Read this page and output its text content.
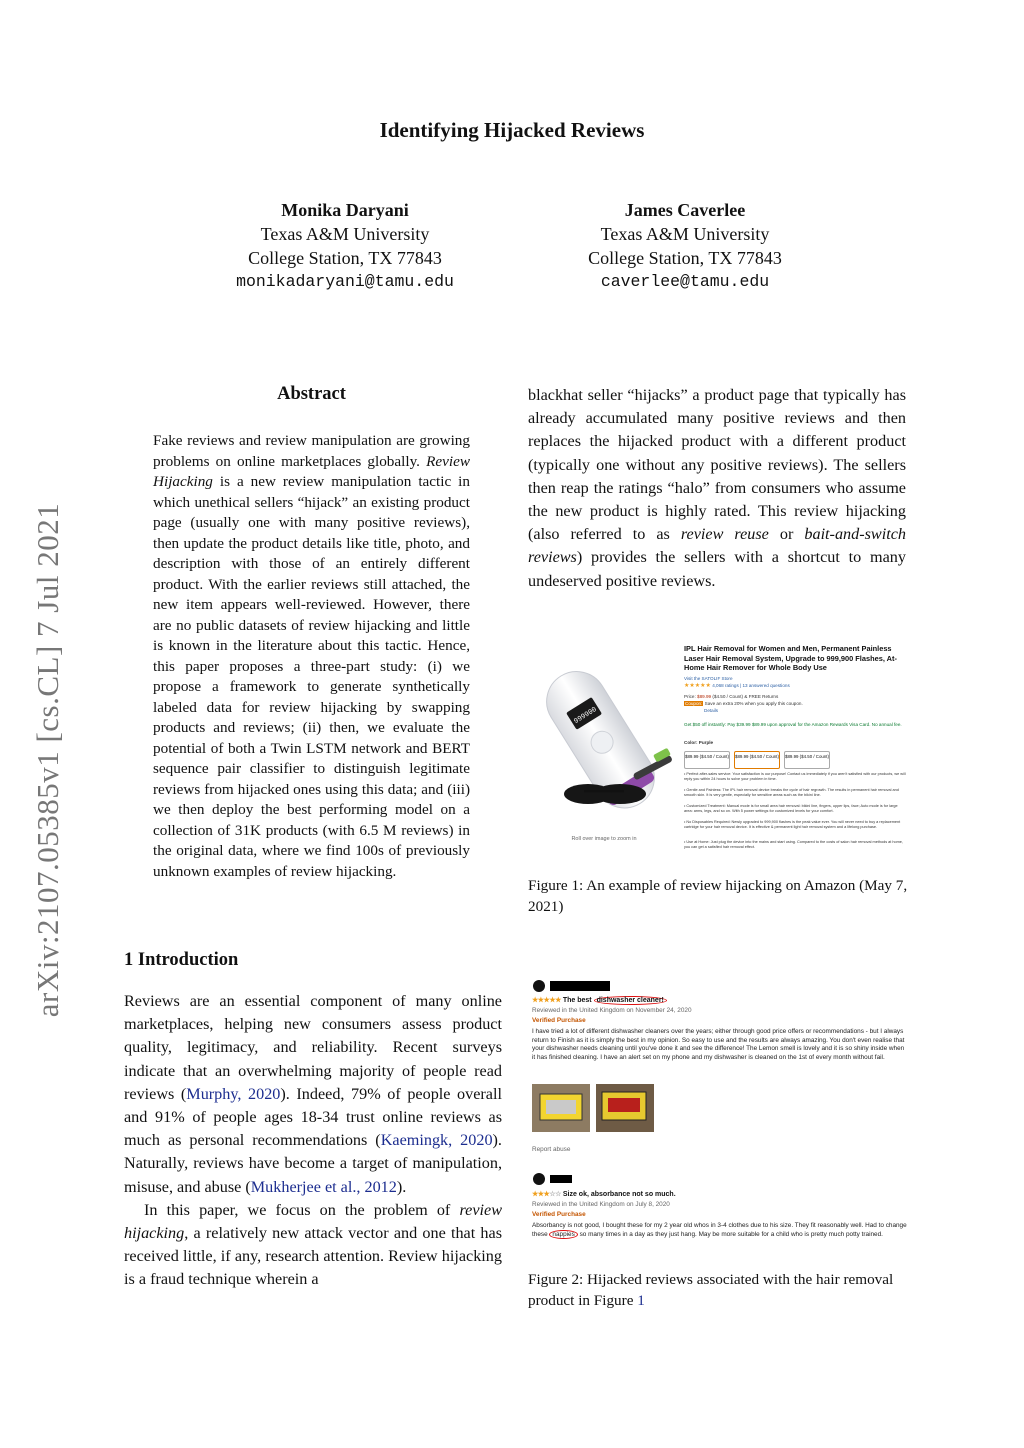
Identifying Hijacked Reviews
Monika Daryani
Texas A&M University
College Station, TX 77843
monikadaryani@tamu.edu
James Caverlee
Texas A&M University
College Station, TX 77843
caverlee@tamu.edu
arXiv:2107.05385v1 [cs.CL] 7 Jul 2021
Abstract
Fake reviews and review manipulation are growing problems on online marketplaces globally. Review Hijacking is a new review manipulation tactic in which unethical sellers “hijack” an existing product page (usually one with many positive reviews), then update the product details like title, photo, and description with those of an entirely different product. With the earlier reviews still attached, the new item appears well-reviewed. However, there are no public datasets of review hijacking and little is known in the literature about this tactic. Hence, this paper proposes a three-part study: (i) we propose a framework to generate synthetically labeled data for review hijacking by swapping products and reviews; (ii) then, we evaluate the potential of both a Twin LSTM network and BERT sequence pair classifier to distinguish legitimate reviews from hijacked ones using this data; and (iii) we then deploy the best performing model on a collection of 31K products (with 6.5 M reviews) in the original data, where we find 100s of previously unknown examples of review hijacking.
1 Introduction

Reviews are an essential component of many online marketplaces, helping new consumers assess product quality, legitimacy, and reliability. Recent surveys indicate that an overwhelming majority of people read reviews (Murphy, 2020). Indeed, 79% of people overall and 91% of people ages 18-34 trust online reviews as much as personal recommendations (Kaemingk, 2020). Naturally, reviews have become a target of manipulation, misuse, and abuse (Mukherjee et al., 2012).

In this paper, we focus on the problem of review hijacking, a relatively new attack vector and one that has received little, if any, research attention. Review hijacking is a fraud technique wherein a

blackhat seller “hijacks” a product page that typically has already accumulated many positive reviews and then replaces the hijacked product with a different product (typically one without any positive reviews). The sellers then reap the ratings “halo” from consumers who assume the new product is highly rated. This review hijacking (also referred to as review reuse or bait-and-switch reviews) provides the sellers with a shortcut to many undeserved positive reviews.
999900
Roll over image to zoom in
IPL Hair Removal for Women and Men, Permanent Painless Laser Hair Removal System, Upgrade to 999,900 Flashes, At-Home Hair Remover for Whole Body Use
Visit the SATOLIF Store
★★★★★ 4,068 ratings | 13 answered questions
Price: $89.99 ($4.50 / Count) & FREE Returns
Coupon: Save an extra 20% when you apply this coupon.
Details
Get $50 off instantly: Pay $39.99 $89.99 upon approval for the Amazon Rewards Visa Card. No annual fee.
Color: Purple
$89.99 ($4.50 / Count) $89.99 ($4.50 / Count) $89.99 ($4.50 / Count)
• Perfect after-sales service: Your satisfaction is our purpose! Contact us immediately if you aren't satisfied with our products, we will reply you within 24 hours to solve your problem in time.
• Gentle and Painless: The IPL hair removal device breaks the cycle of hair regrowth. The results in permanent hair removal and smooth skin. It is very gentle, especially for sensitive areas such as the bikini line.
• Customized Treatment: Manual mode is for small area hair removal: bikini line, fingers, upper lips, face; Auto mode is for large area: arms, legs, and so on. With 5 power settings for customized levels for your comfort.
• No Disposables Required: Newly upgraded to 999,900 flashes is the peak value ever. You will never need to buy a replacement cartridge for your hair removal device. It is effective & permanent light hair removal system and a lifelong purchase.
• Use at Home: Just plug the device into the mains and start using. Compared to the costs of salon hair removal methods at home, you can get a satisfied hair removal effect.
Figure 1: An example of review hijacking on Amazon (May 7, 2021)
★★★★★ The best dishwasher cleaner!
Reviewed in the United Kingdom on November 24, 2020
Verified Purchase
I have tried a lot of different dishwasher cleaners over the years; either through good price offers or recommendations - but I always return to Finish as it is simply the best in my opinion. So easy to use and the results are always amazing. You don't even realise that your dishwasher needs cleaning until you've done it and see the difference! The Lemon smell is lovely and it is so shiny inside when it has finished cleaning. I have an alert set on my phone and my dishwasher is cleaned on the 1st of every month without fail.
Report abuse
★★★☆☆ Size ok, absorbance not so much.
Reviewed in the United Kingdom on July 8, 2020
Verified Purchase
Absorbancy is not good, I bought these for my 2 year old whos in 3-4 clothes due to his size. They fit reasonably well. Had to change these nappies so many times in a day as they just hang. May be more suitable for a child who is pretty much potty trained.
Figure 2: Hijacked reviews associated with the hair removal product in Figure 1
